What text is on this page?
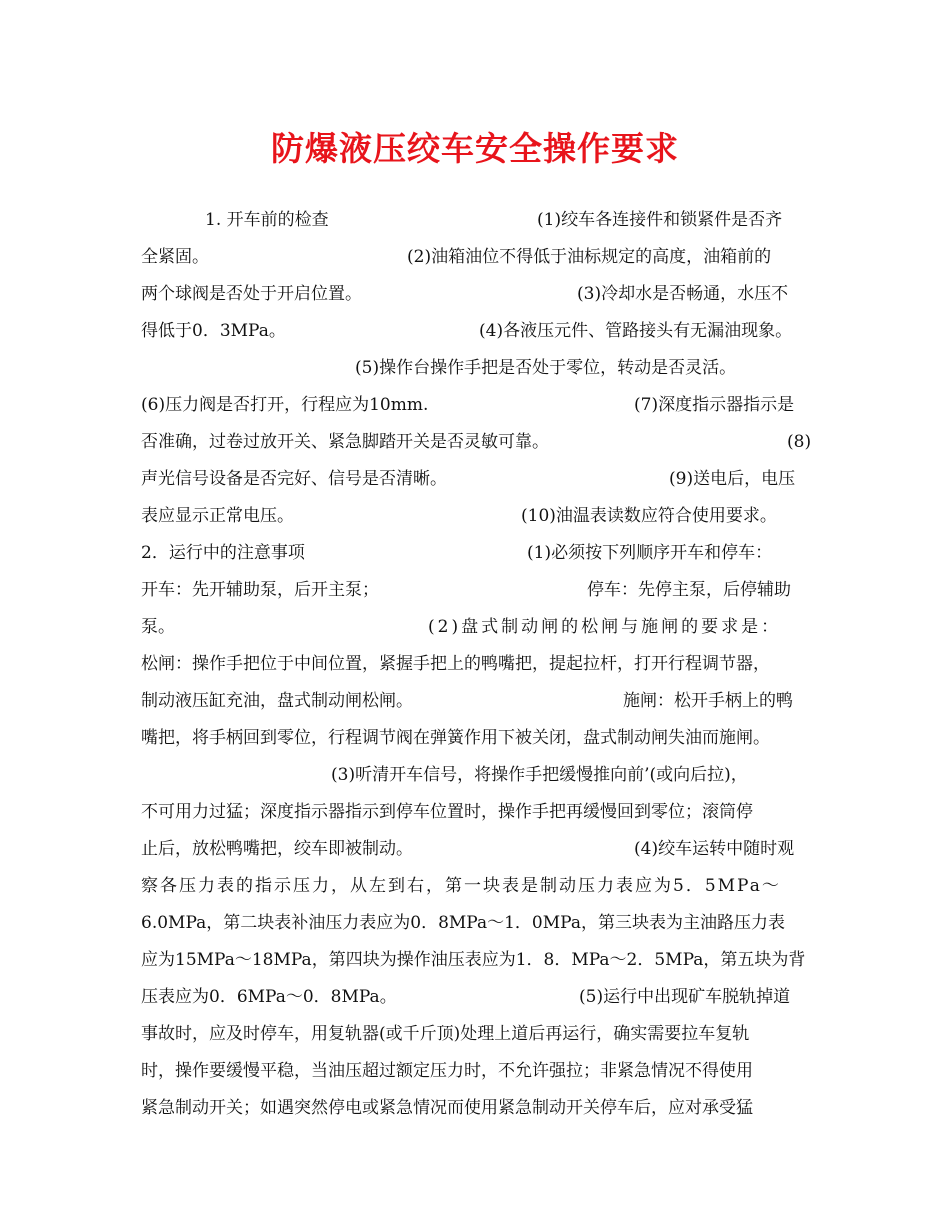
防爆液压绞车安全操作要求

1. 开车前的检查	(1)绞车各连接件和锁紧件是否齐

全紧固。	(2)油箱油位不得低于油标规定的高度，油箱前的

两个球阀是否处于开启位置。	(3)冷却水是否畅通，水压不

得低于0．3MPa。	(4)各液压元件、管路接头有无漏油现象。

(5)操作台操作手把是否处于零位，转动是否灵活。

(6)压力阀是否打开，行程应为10mm.	(7)深度指示器指示是

否准确，过卷过放开关、紧急脚踏开关是否灵敏可靠。	(8)

声光信号设备是否完好、信号是否清晰。	(9)送电后，电压

表应显示正常电压。	(10)油温表读数应符合使用要求。

2．运行中的注意事项	(1)必须按下列顺序开车和停车：

开车：先开辅助泵，后开主泵；	停车：先停主泵，后停辅助

泵。	(2)盘式制动闸的松闸与施闸的要求是：

松闸：操作手把位于中间位置，紧握手把上的鸭嘴把，提起拉杆，打开行程调节器，

制动液压缸充油，盘式制动闸松闸。	施闸：松开手柄上的鸭

嘴把，将手柄回到零位，行程调节阀在弹簧作用下被关闭，盘式制动闸失油而施闸。

(3)听清开车信号，将操作手把缓慢推向前’(或向后拉)，

不可用力过猛；深度指示器指示到停车位置时，操作手把再缓慢回到零位；滚筒停

止后，放松鸭嘴把，绞车即被制动。	(4)绞车运转中随时观

察各压力表的指示压力，从左到右，第一块表是制动压力表应为5．5MPa～

6.0MPa，第二块表补油压力表应为0．8MPa～1．0MPa，第三块表为主油路压力表

应为15MPa～18MPa，第四块为操作油压表应为1．8．MPa～2．5MPa，第五块为背

压表应为0．6MPa～0．8MPa。	(5)运行中出现矿车脱轨掉道

事故时，应及时停车，用复轨器(或千斤顶)处理上道后再运行，确实需要拉车复轨

时，操作要缓慢平稳，当油压超过额定压力时，不允许强拉；非紧急情况不得使用

紧急制动开关；如遇突然停电或紧急情况而使用紧急制动开关停车后，应对承受猛
